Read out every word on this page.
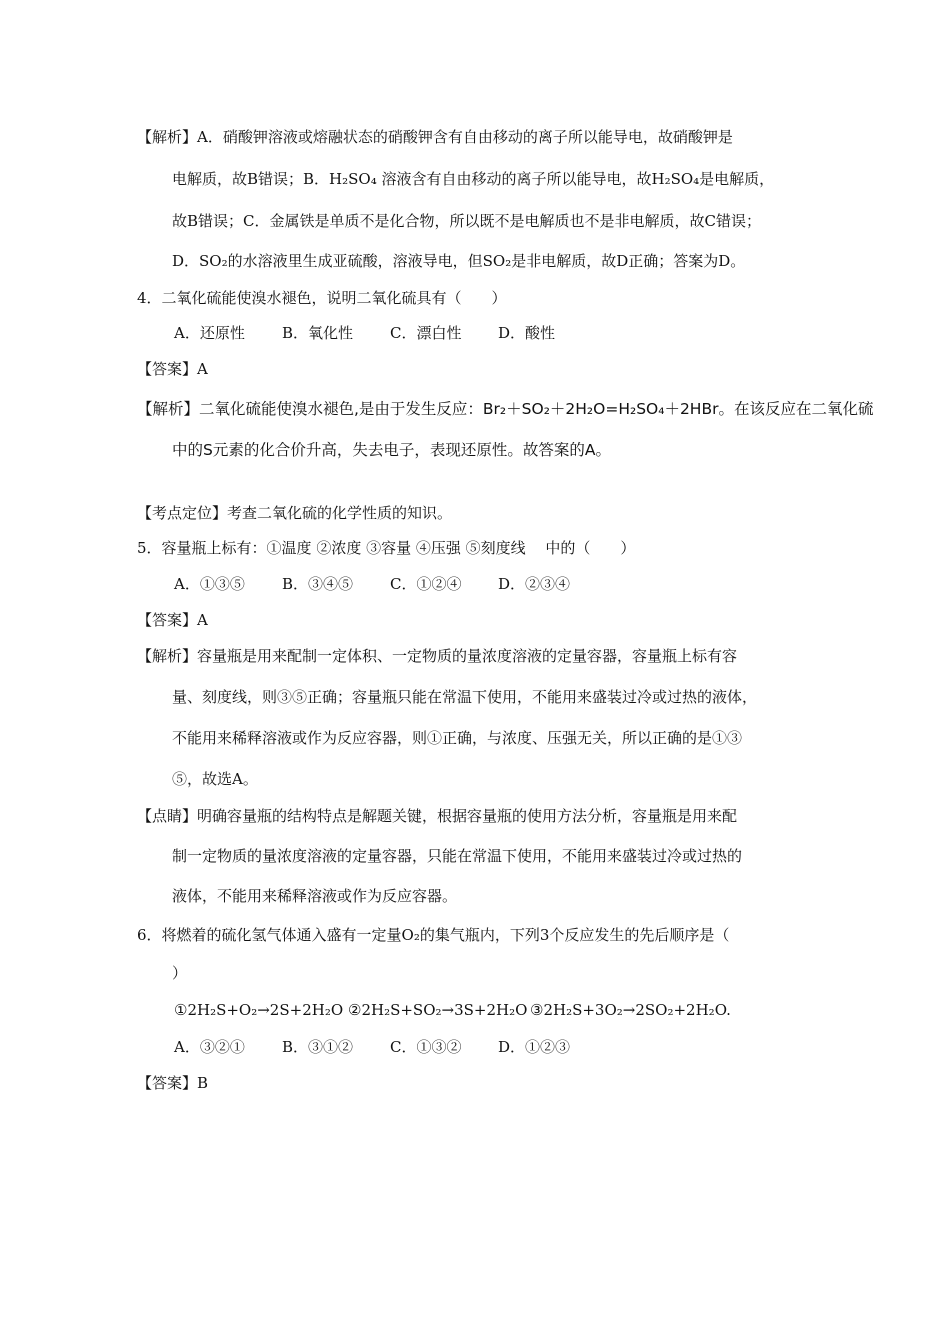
【解析】A．硝酸钾溶液或熔融状态的硝酸钾含有自由移动的离子所以能导电，故硝酸钾是
电解质，故B错误；B．H₂SO₄ 溶液含有自由移动的离子所以能导电，故H₂SO₄是电解质，
故B错误；C．金属铁是单质不是化合物，所以既不是电解质也不是非电解质，故C错误；
D．SO₂的水溶液里生成亚硫酸，溶液导电，但SO₂是非电解质，故D正确；答案为D。
4．二氧化硫能使溴水褪色，说明二氧化硫具有（　　）
A．还原性 B．氧化性 C．漂白性 D．酸性
【答案】A
【解析】二氧化硫能使溴水褪色,是由于发生反应：Br₂＋SO₂＋2H₂O=H₂SO₄＋2HBr。在该反应在二氧化硫
中的S元素的化合价升高，失去电子，表现还原性。故答案的A。
【考点定位】考查二氧化硫的化学性质的知识。
5．容量瓶上标有：①温度 ②浓度 ③容量 ④压强 ⑤刻度线　 中的（　　）
A．①③⑤ B．③④⑤ C．①②④ D．②③④
【答案】A
【解析】容量瓶是用来配制一定体积、一定物质的量浓度溶液的定量容器，容量瓶上标有容
量、刻度线，则③⑤正确；容量瓶只能在常温下使用，不能用来盛装过冷或过热的液体，
不能用来稀释溶液或作为反应容器，则①正确，与浓度、压强无关，所以正确的是①③
⑤，故选A。
【点睛】明确容量瓶的结构特点是解题关键，根据容量瓶的使用方法分析，容量瓶是用来配
制一定物质的量浓度溶液的定量容器，只能在常温下使用，不能用来盛装过冷或过热的
液体，不能用来稀释溶液或作为反应容器。
6．将燃着的硫化氢气体通入盛有一定量O₂的集气瓶内，下列3个反应发生的先后顺序是（
）
①2H₂S+O₂→2S+2H₂O ②2H₂S+SO₂→3S+2H₂O ③2H₂S+3O₂→2SO₂+2H₂O.
A．③②① B．③①② C．①③② D．①②③
【答案】B
